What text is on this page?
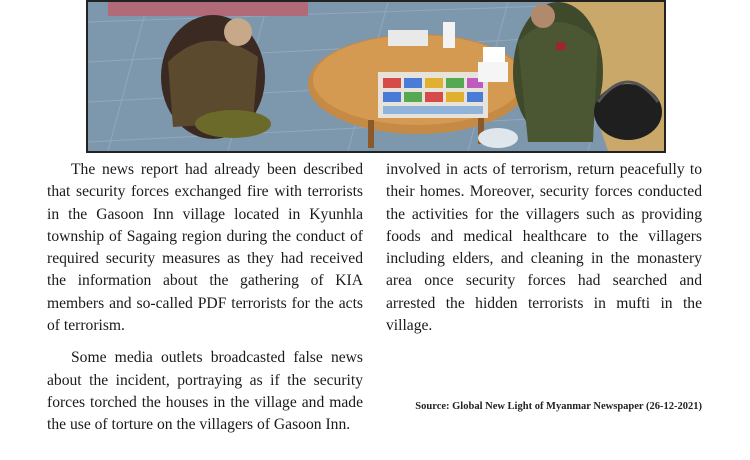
The news report had already been described that security forces exchanged fire with terrorists in the Gasoon Inn village located in Kyunhla township of Sagaing region during the conduct of required security measures as they had received the information about the gathering of KIA members and so-called PDF terrorists for the acts of terrorism.

Some media outlets broadcasted false news about the incident, portraying as if the security forces torched the houses in the village and made the use of torture on the villagers of Gasoon Inn.

involved in acts of terrorism, return peacefully to their homes. Moreover, security forces conducted the activities for the villagers such as providing foods and medical healthcare to the villagers including elders, and cleaning in the monastery area once security forces had searched and arrested the hidden terrorists in mufti in the village.

Source: Global New Light of Myanmar Newspaper (26-12-2021)
